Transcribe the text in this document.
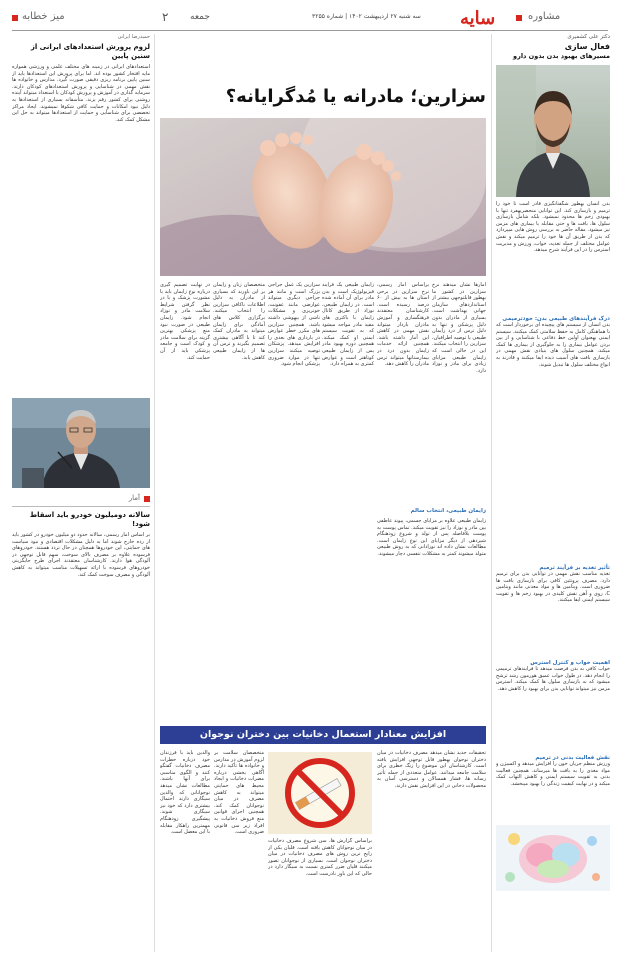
میز خطابه	۲ جمعه	سه شنبه ۲۷ اردیبهشت ۱۴۰۲ | شماره ۳۲۵۵ سایه	مشاوره
دکتر علی کشمیری
فعال سازی
مسیرهای بهبود بدن بدون دارو
بدن انسان بهطور شگفتانگیزی قادر است تا خود را ترمیم و بازسازی کند. این توانایی منحصربهفرد تنها با بهبودی زخم ها محدود نمیشود. بلکه شامل بازسازی سلول ها، بافت ها و حتی مقابله با بیماری های مزمن نیز میشود. مقاله حاضر به بررسی روش هایی میپردازد که بدن از طریق آن ها خود را ترمیم میکند و نقش عوامل مختلف از جمله تغذیه، خواب، ورزش و مدیریت استرس را در این فرآیند شرح میدهد.
درک فرآیندهای طبیعی بدن: خودترمیمی
بدن انسان از سیستم های پیچیده ای برخوردار است که با هماهنگی کامل به حفظ سلامتی کمک میکنند. سیستم ایمنی بهعنوان اولین خط دفاعی با شناسایی و از بین بردن عوامل بیماری زا به جلوگیری از بیماری ها کمک میکند. همچنین سلول های بنیادی نقش مهمی در بازسازی بافت های آسیب دیده ایفا میکنند و قادرند به انواع مختلف سلول ها تبدیل شوند.
تأثیر تغذیه بر فرآیند ترمیم
تغذیه مناسب نقش مهمی در توانایی بدن برای ترمیم دارد. مصرف پروتئین کافی برای بازسازی بافت ها ضروری است. ویتامین ها و مواد معدنی مانند ویتامین C، روی و آهن نقش کلیدی در بهبود زخم ها و تقویت سیستم ایمنی ایفا میکنند.
اهمیت خواب و کنترل استرس
خواب کافی به بدن فرصت میدهد تا فرآیندهای ترمیمی را انجام دهد. در طول خواب عمیق هورمون رشد ترشح میشود که به بازسازی سلول ها کمک میکند. استرس مزمن نیز میتواند توانایی بدن برای بهبود را کاهش دهد.
نقش فعالیت بدنی در ترمیم
ورزش منظم جریان خون را افزایش میدهد و اکسیژن و مواد مغذی را به بافت ها میرساند. همچنین فعالیت بدنی به تقویت سیستم ایمنی و کاهش التهاب کمک میکند و در نهایت کیفیت زندگی را بهبود میبخشد.
سزارین؛ مادرانه یا مُدگرایانه؟
آمارها نشان میدهند نرخ سزارین در کشور ما بهطور قابلتوجهی بیشتر از استانداردهای سازمان جهانی بهداشت است. بسیاری از مادران بدون دلیل پزشکی و تنها به دلیل ترس از درد زایمان طبیعی یا توصیه اطرافیان، سزارین را انتخاب میکنند. این در حالی است که زایمان طبیعی مزایای زیادی برای مادر و نوزاد دارد.
براساس آمار رسمی، نرخ سزارین در برخی استان ها به بیش از ۶۰ درصد رسیده است. کارشناسان معتقدند فرهنگسازی و آموزش مادران باردار میتواند نقش مهمی در کاهش این آمار داشته باشد. همچنین ارائه خدمات زایمان بدون درد در بیمارستانها میتواند ترس مادران را کاهش دهد.
زایمان طبیعی یک فرآیند فیزیولوژیک است و بدن مادر برای آن آماده شده است. در زایمان طبیعی، نوزاد از طریق کانال زایمان با باکتری های مفید مادر مواجه میشود که به تقویت سیستم ایمنی او کمک میکند. همچنین دوره بهبود مادر پس از زایمان طبیعی کوتاهتر است و عوارض کمتری به همراه دارد.
سزارین یک عمل جراحی بزرگ است و مانند هر جراحی دیگری میتواند عوارضی مانند عفونت، خونریزی و مشکلات ناشی از بیهوشی داشته باشد. همچنین سزارین های مکرر خطر عوارض در بارداری های بعدی را افزایش میدهد. پزشکان توصیه میکنند سزارین تنها در موارد ضروری پزشکی انجام شود.
متخصصان زنان و زایمان بر این باورند که بسیاری از مادران به دلیل اطلاعات ناکافی سزارین را انتخاب میکنند. برگزاری کلاس های آمادگی برای زایمان میتواند به مادران کمک کند تا با آگاهی بیشتری تصمیم بگیرند و ترس آن ها از زایمان طبیعی کاهش یابد.
در نهایت تصمیم گیری درباره نوع زایمان باید با مشورت پزشک و با در نظر گرفتن شرایط سلامت مادر و نوزاد انجام شود. زایمان طبیعی در صورت نبود منع پزشکی بهترین گزینه برای سلامت مادر و کودک است و جامعه پزشکی باید از آن حمایت کند.
زایمان طبیعی، انتخاب سالم
زایمان طبیعی علاوه بر مزایای جسمی، پیوند عاطفی بین مادر و نوزاد را نیز تقویت میکند. تماس پوست به پوست بلافاصله پس از تولد و شروع زودهنگام شیردهی از دیگر مزایای این نوع زایمان است. مطالعات نشان داده اند نوزادانی که به روش طبیعی متولد میشوند کمتر به مشکلات تنفسی دچار میشوند.
افزایش معنادار استعمال دخانیات بین دختران نوجوان
تحقیقات جدید نشان میدهد مصرف دخانیات در میان دختران نوجوان بهطور قابل توجهی افزایش یافته است. کارشناسان این موضوع را زنگ خطری برای سلامت جامعه میدانند. عوامل متعددی از جمله تأثیر رسانه ها، فشار همسالان و دسترسی آسان به محصولات دخانی در این افزایش نقش دارند.
براساس گزارش ها، سن شروع مصرف دخانیات در میان نوجوانان کاهش یافته است. قلیان یکی از رایج ترین روش های مصرف دخانیات در میان دختران نوجوان است. بسیاری از نوجوانان تصور میکنند قلیان ضرر کمتری نسبت به سیگار دارد در حالی که این باور نادرست است.
متخصصان سلامت بر لزوم آموزش در مدارس و خانواده ها تأکید دارند. آگاهی بخشی درباره مضرات دخانیات و ایجاد محیط های حمایتی میتواند به کاهش مصرف در میان نوجوانان کمک کند. همچنین اجرای قوانین منع فروش دخانیات به افراد زیر سن قانونی ضروری است.
والدین باید با فرزندان خود درباره خطرات مصرف دخانیات گفتگو کنند و الگوی مناسبی برای آنها باشند. مطالعات نشان میدهد نوجوانانی که والدین سیگاری دارند احتمال بیشتری دارد که خود نیز سیگاری شوند. پیشگیری زودهنگام مهمترین راهکار مقابله با این معضل است.
حمیدرضا ایرانی
لزوم پرورش استعدادهای ایرانی از سنین پایین
استعدادهای ایرانی در زمینه های مختلف علمی و ورزشی همواره مایه افتخار کشور بوده اند. اما برای پرورش این استعدادها باید از سنین پایین برنامه ریزی دقیقی صورت گیرد. مدارس و خانواده ها نقش مهمی در شناسایی و پرورش استعدادهای کودکان دارند. سرمایه گذاری در آموزش و پرورش کودکان با استعداد میتواند آینده روشنی برای کشور رقم بزند. متأسفانه بسیاری از استعدادها به دلیل نبود امکانات و حمایت کافی شکوفا نمیشوند. ایجاد مراکز تخصصی برای شناسایی و حمایت از استعدادها میتواند به حل این مشکل کمک کند.
آمار
سالانه دومیلیون خودرو باید اسقاط شود!
بر اساس آمار رسمی، سالانه حدود دو میلیون خودرو در کشور باید از رده خارج شوند اما به دلیل مشکلات اقتصادی و نبود سیاست های حمایتی، این خودروها همچنان در حال تردد هستند. خودروهای فرسوده علاوه بر مصرف بالای سوخت، سهم قابل توجهی در آلودگی هوا دارند. کارشناسان معتقدند اجرای طرح جایگزینی خودروهای فرسوده با ارائه تسهیلات مناسب میتواند به کاهش آلودگی و مصرف سوخت کمک کند.
